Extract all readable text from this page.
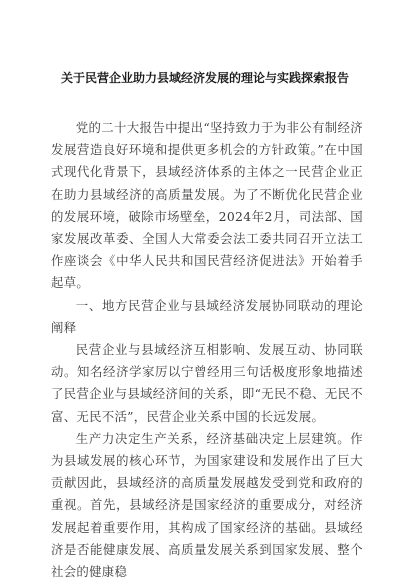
关于民营企业助力县域经济发展的理论与实践探索报告

党的二十大报告中提出“坚持致力于为非公有制经济发展营造良好环境和提供更多机会的方针政策。”在中国式现代化背景下，县域经济体系的主体之一民营企业正在助力县域经济的高质量发展。为了不断优化民营企业的发展环境，破除市场壁垒，2024年2月，司法部、国家发展改革委、全国人大常委会法工委共同召开立法工作座谈会《中华人民共和国民营经济促进法》开始着手起草。

一、地方民营企业与县域经济发展协同联动的理论阐释

民营企业与县域经济互相影响、发展互动、协同联动。知名经济学家厉以宁曾经用三句话极度形象地描述了民营企业与县域经济间的关系，即“无民不稳、无民不富、无民不活”，民营企业关系中国的长远发展。

生产力决定生产关系，经济基础决定上层建筑。作为县域发展的核心环节，为国家建设和发展作出了巨大贡献因此，县域经济的高质量发展越发受到党和政府的重视。首先，县域经济是国家经济的重要成分，对经济发展起着重要作用，其构成了国家经济的基础。县域经济是否能健康发展、高质量发展关系到国家发展、整个社会的健康稳
